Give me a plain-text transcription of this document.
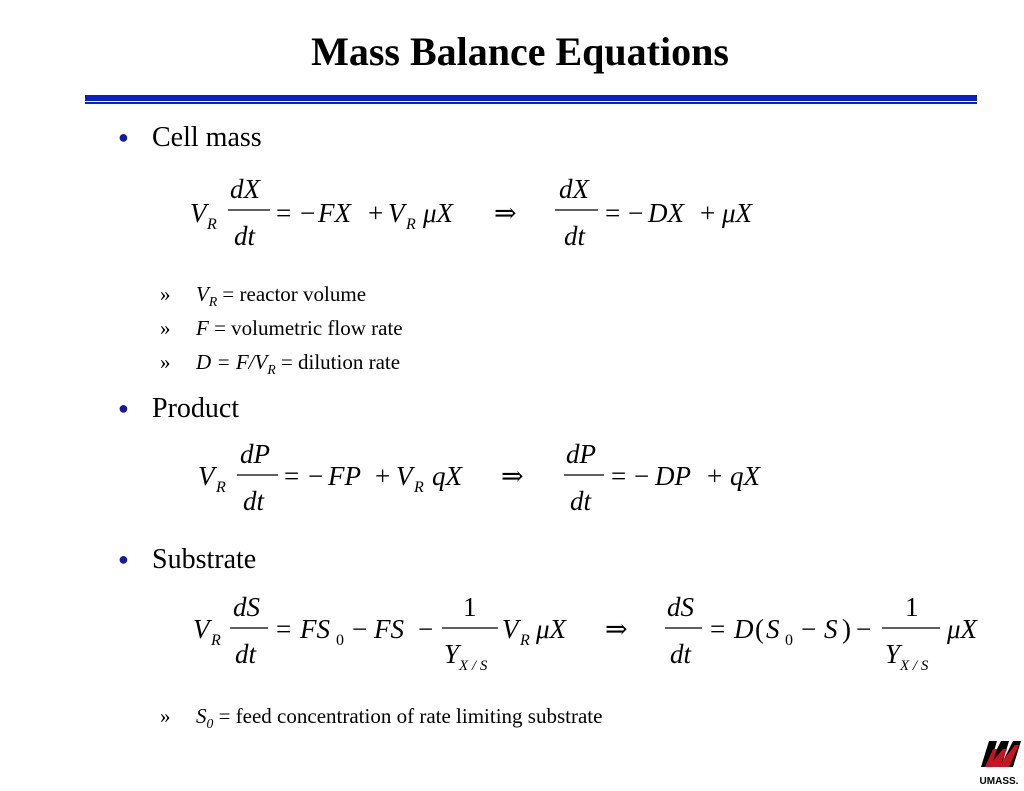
Mass Balance Equations
● Cell mass
V R
dX
dt
= − FX + V R μX ⇒
dX
dt
= − DX + μX
V R
dP
dt
= − FP + V R qX ⇒
dP
dt
= − DP + qX
V R
dS
dt
= FS 0 − FS −
1
Y X / S
V R μX ⇒
dS
dt
= D ( S 0 − S ) −
1
Y X / S
μX
»	$V_R$ = reactor volume
»	F = volumetric flow rate
»	$D = F/V_R$ = dilution rate
● Product
● Substrate
»	$S_0$ = feed concentration of rate limiting substrate
UMASS.
